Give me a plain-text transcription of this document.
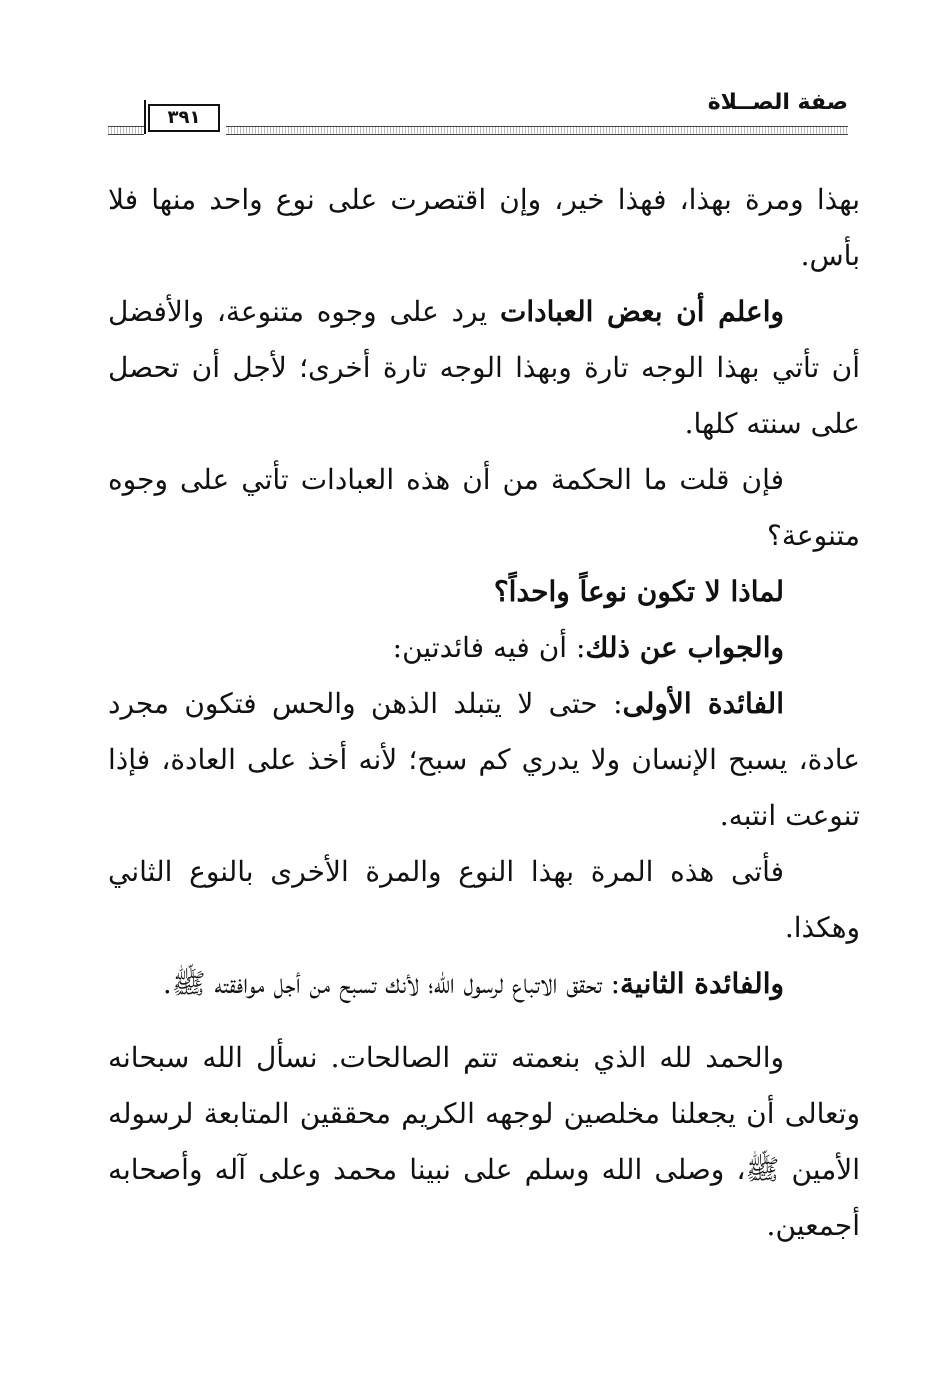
٣٩١
صفة الصــلاة

بهذا ومرة بهذا، فهذا خير، وإن اقتصرت على نوع واحد منها فلا بأس.

واعلم أن بعض العبادات يرد على وجوه متنوعة، والأفضل أن تأتي بهذا الوجه تارة وبهذا الوجه تارة أخرى؛ لأجل أن تحصل على سنته كلها.

فإن قلت ما الحكمة من أن هذه العبادات تأتي على وجوه متنوعة؟

لماذا لا تكون نوعاً واحداً؟

والجواب عن ذلك: أن فيه فائدتين:

الفائدة الأولى: حتى لا يتبلد الذهن والحس فتكون مجرد عادة، يسبح الإنسان ولا يدري كم سبح؛ لأنه أخذ على العادة، فإذا تنوعت انتبه.

فأتى هذه المرة بهذا النوع والمرة الأخرى بالنوع الثاني وهكذا.

والفائدة الثانية: تحقق الاتباع لرسول الله؛ لأنك تسبح من أجل موافقته ﷺ.

والحمد لله الذي بنعمته تتم الصالحات. نسأل الله سبحانه وتعالى أن يجعلنا مخلصين لوجهه الكريم محققين المتابعة لرسوله الأمين ﷺ، وصلى الله وسلم على نبينا محمد وعلى آله وأصحابه أجمعين.
